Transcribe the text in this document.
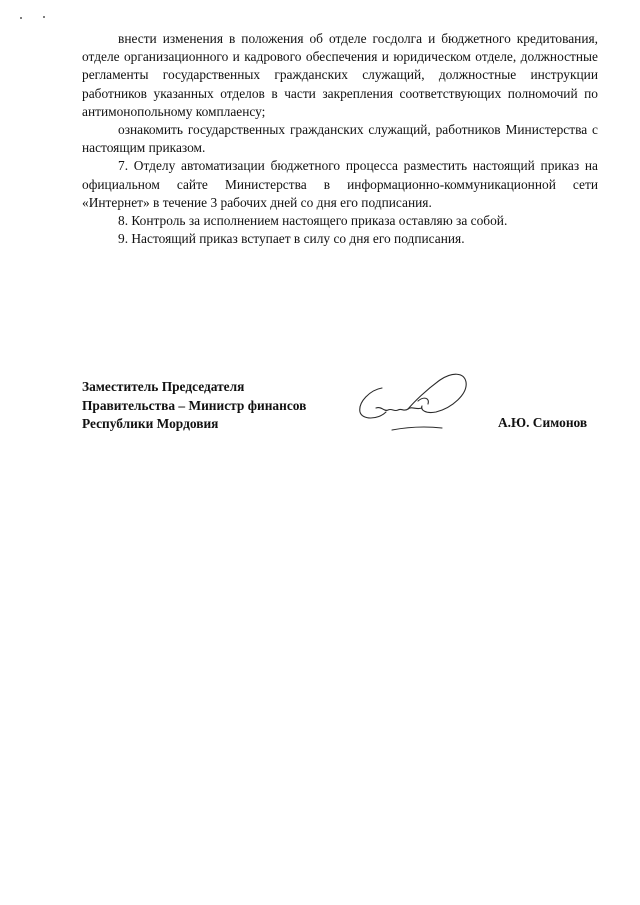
внести изменения в положения об отделе госдолга и бюджетного кредитования, отделе организационного и кадрового обеспечения и юридическом отделе, должностные регламенты государственных гражданских служащий, должностные инструкции работников указанных отделов в части закрепления соответствующих полномочий по антимонопольному комплаенсу;

ознакомить государственных гражданских служащий, работников Министерства с настоящим приказом.

7. Отделу автоматизации бюджетного процесса разместить настоящий приказ на официальном сайте Министерства в информационно-коммуникационной сети «Интернет» в течение 3 рабочих дней со дня его подписания.

8. Контроль за исполнением настоящего приказа оставляю за собой.

9. Настоящий приказ вступает в силу со дня его подписания.

Заместитель Председателя
Правительства – Министр финансов
Республики Мордовия	А.Ю. Симонов
